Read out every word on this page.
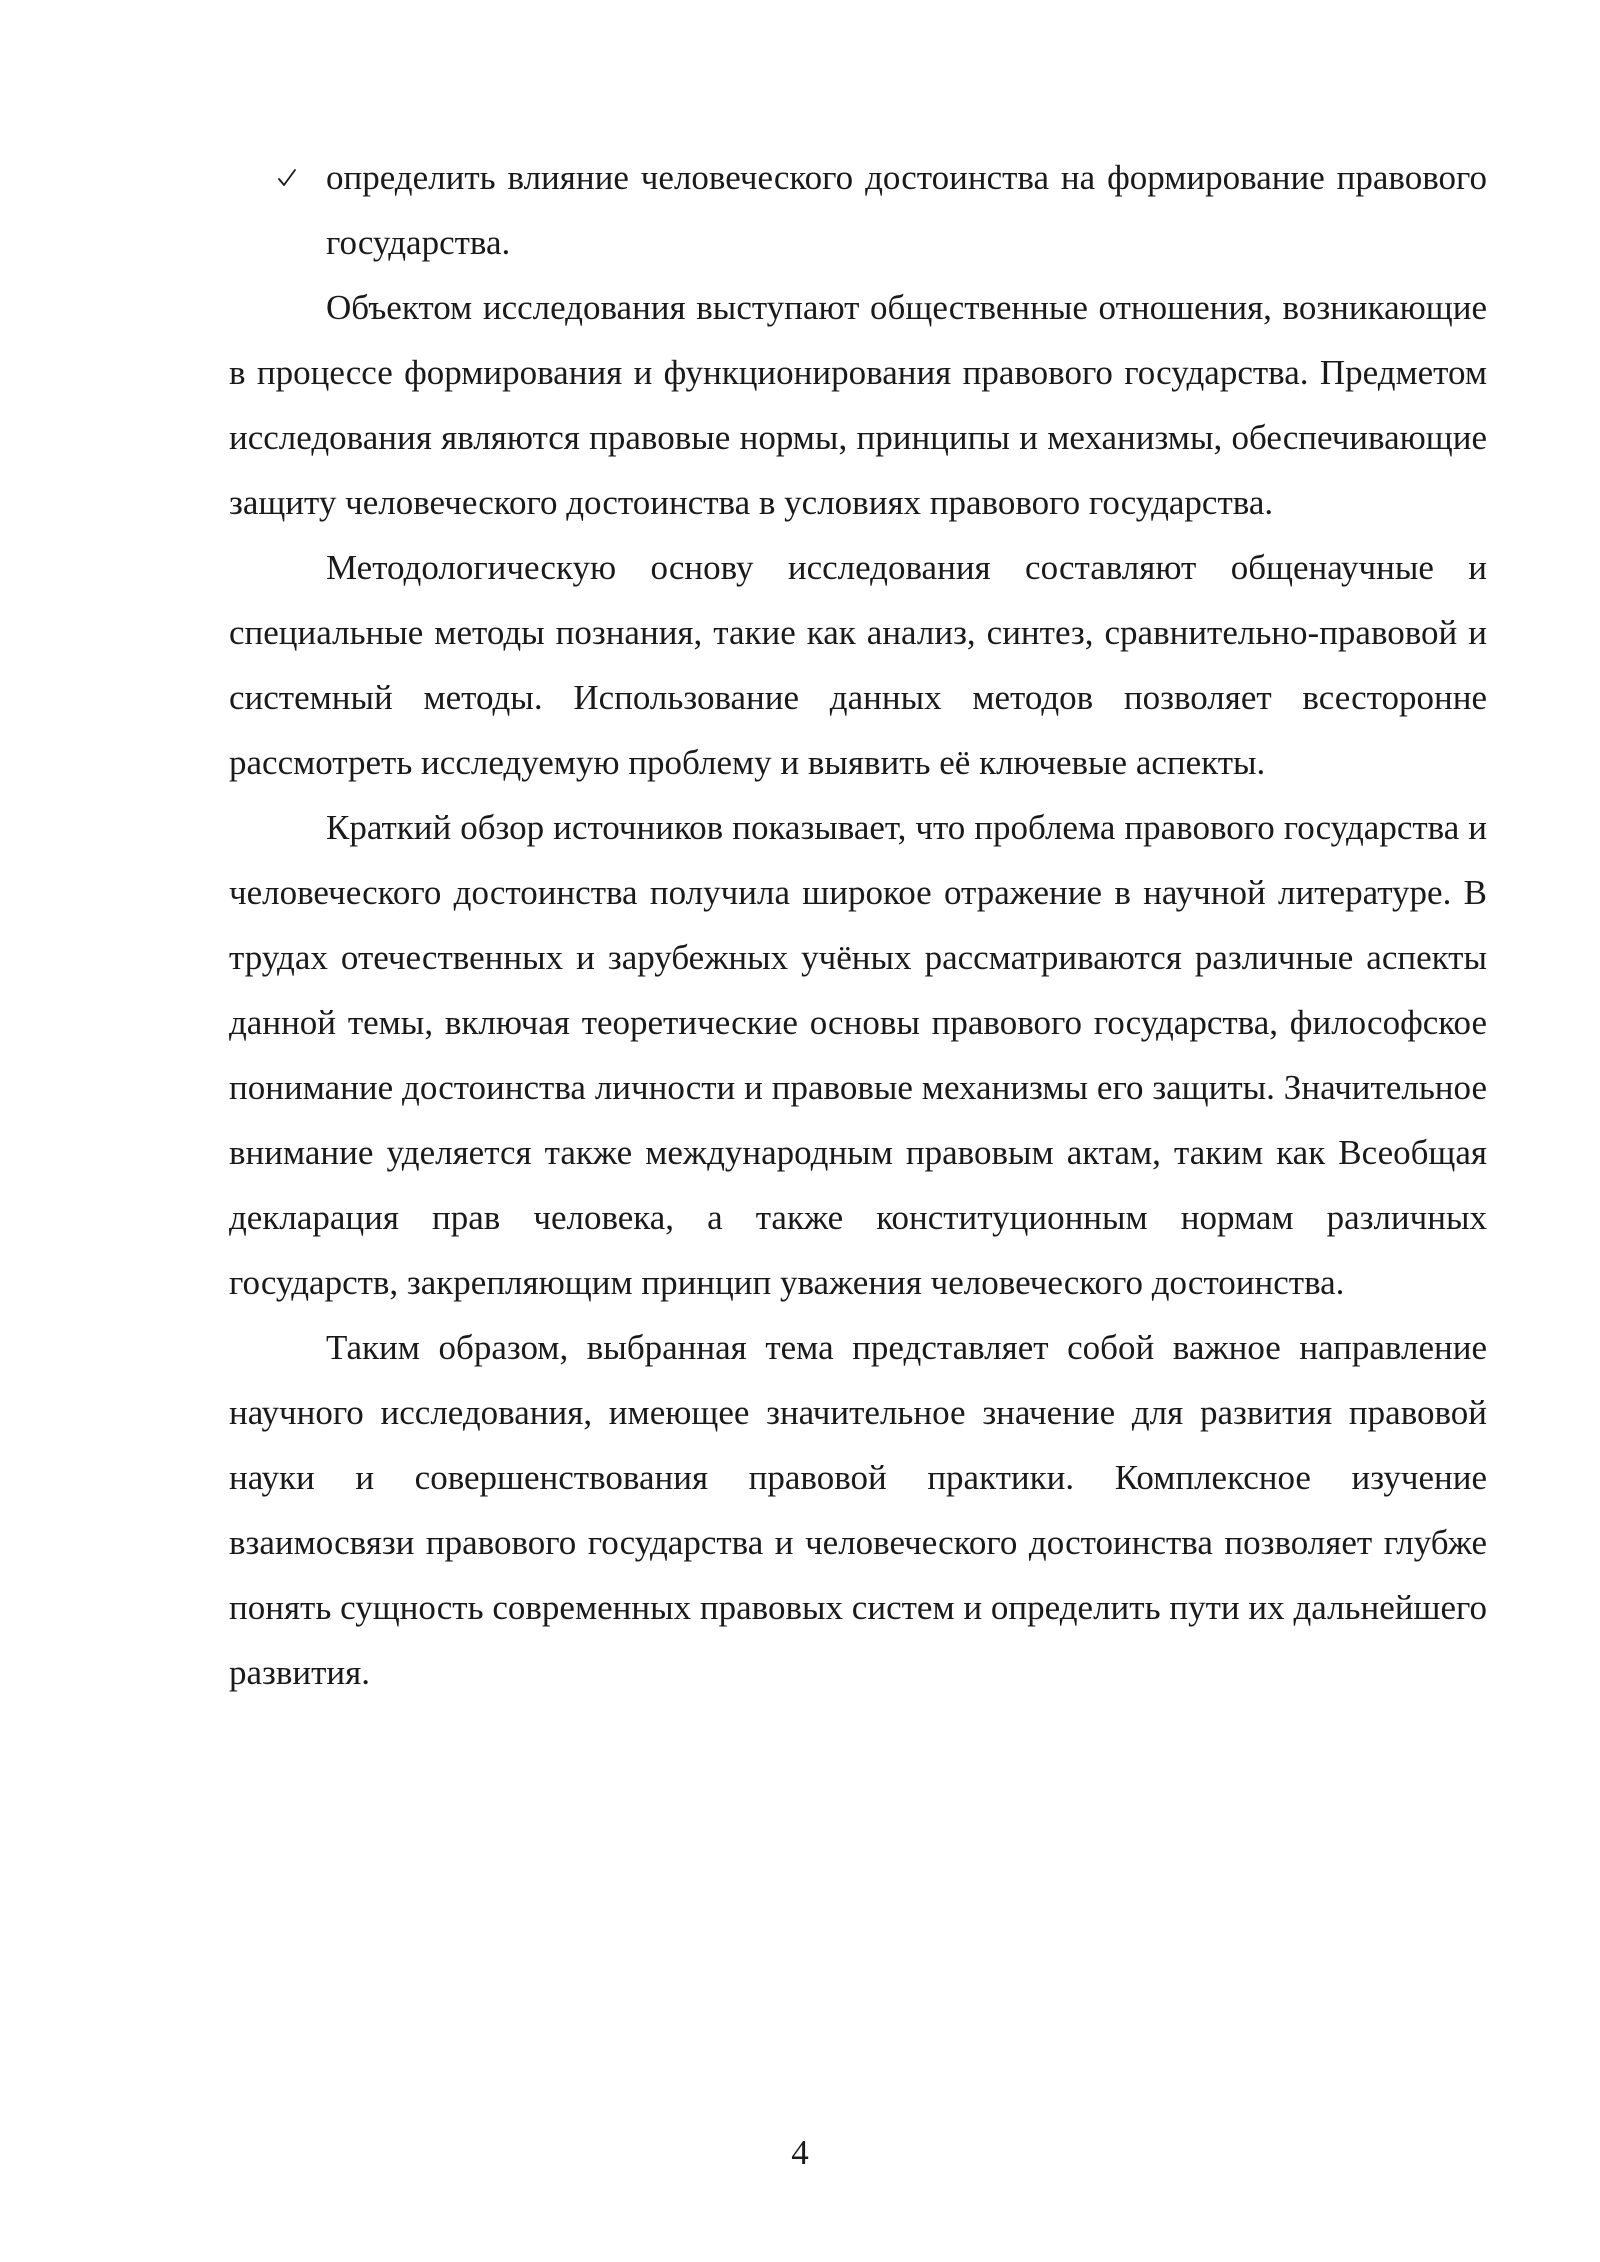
определить влияние человеческого достоинства на формирование правового государства.

Объектом исследования выступают общественные отношения, возникающие в процессе формирования и функционирования правового государства. Предметом исследования являются правовые нормы, принципы и механизмы, обеспечивающие защиту человеческого достоинства в условиях правового государства.

Методологическую основу исследования составляют общенаучные и специальные методы познания, такие как анализ, синтез, сравнительно-правовой и системный методы. Использование данных методов позволяет всесторонне рассмотреть исследуемую проблему и выявить её ключевые аспекты.

Краткий обзор источников показывает, что проблема правового государства и человеческого достоинства получила широкое отражение в научной литературе. В трудах отечественных и зарубежных учёных рассматриваются различные аспекты данной темы, включая теоретические основы правового государства, философское понимание достоинства личности и правовые механизмы его защиты. Значительное внимание уделяется также международным правовым актам, таким как Всеобщая декларация прав человека, а также конституционным нормам различных государств, закрепляющим принцип уважения человеческого достоинства.

Таким образом, выбранная тема представляет собой важное направление научного исследования, имеющее значительное значение для развития правовой науки и совершенствования правовой практики. Комплексное изучение взаимосвязи правового государства и человеческого достоинства позволяет глубже понять сущность современных правовых систем и определить пути их дальнейшего развития.

4
